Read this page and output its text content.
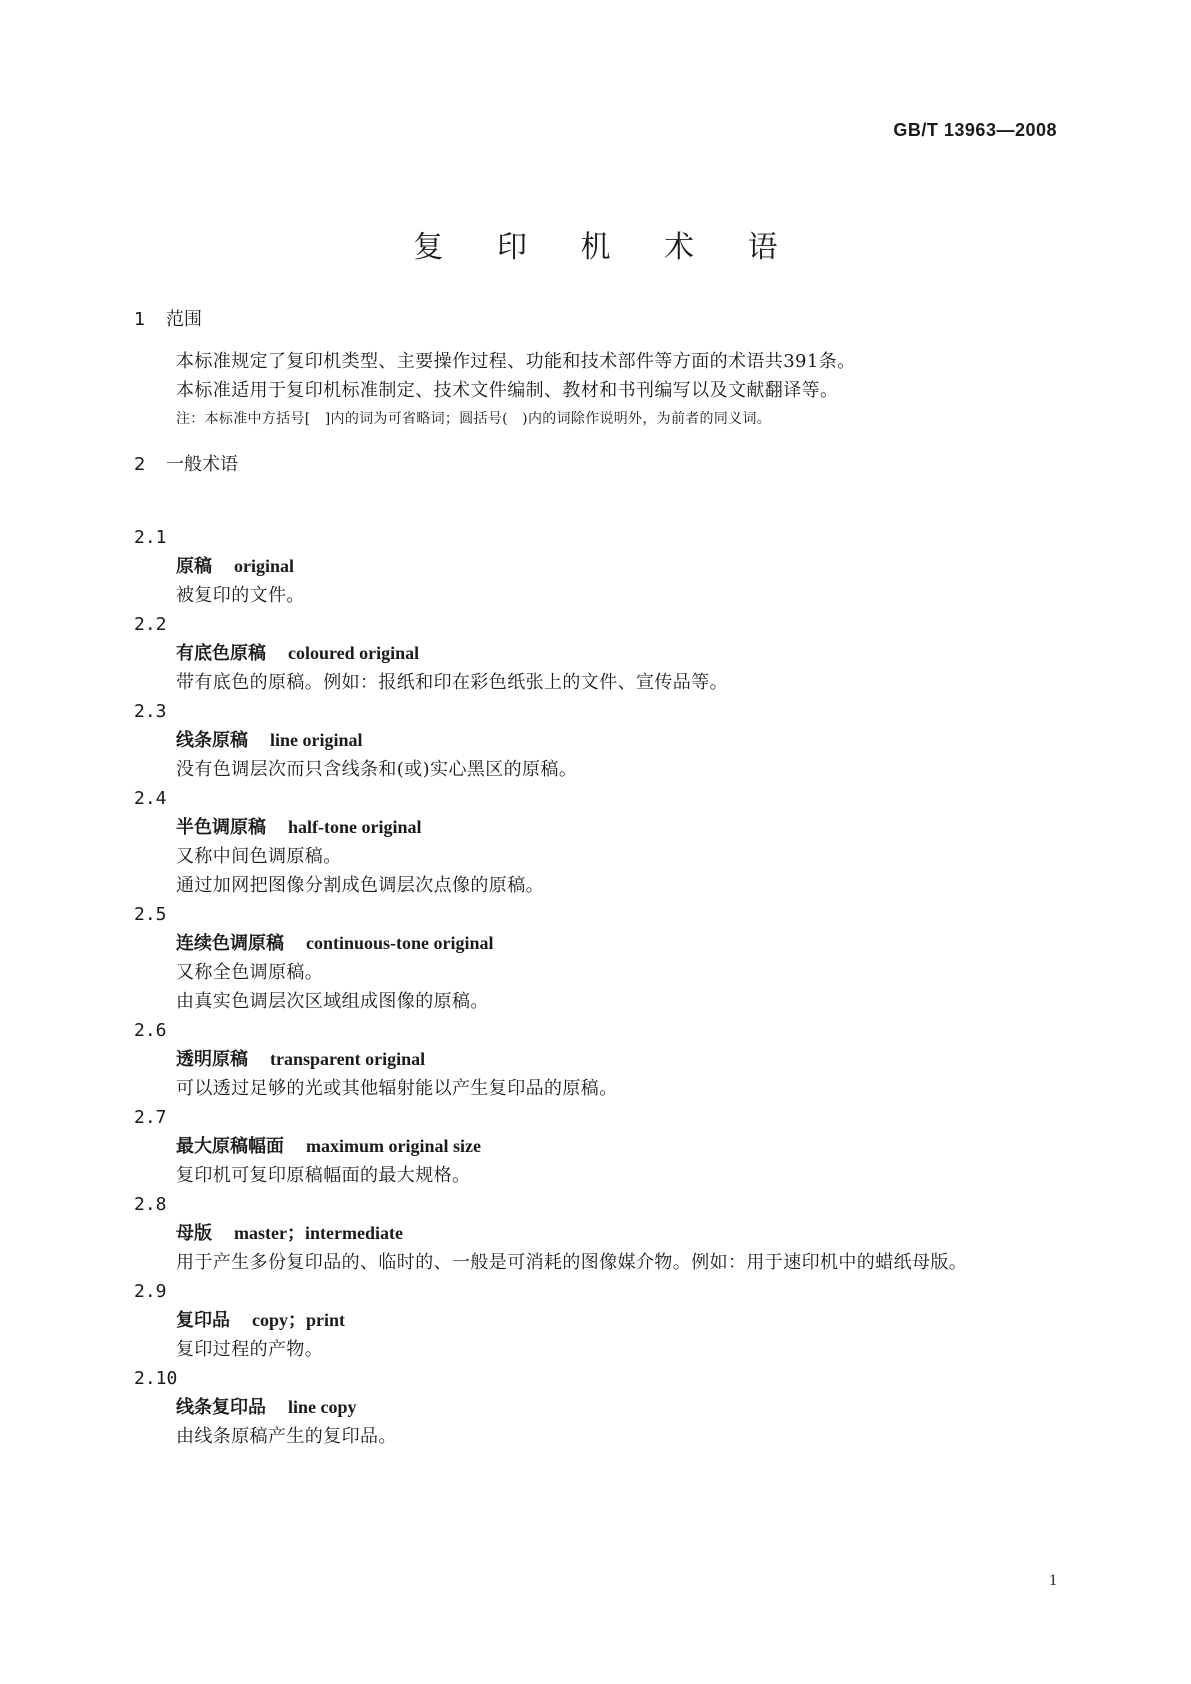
GB/T 13963—2008
复 印 机 术 语
1 范围
本标准规定了复印机类型、主要操作过程、功能和技术部件等方面的术语共391条。
本标准适用于复印机标准制定、技术文件编制、教材和书刊编写以及文献翻译等。
注：本标准中方括号[　]内的词为可省略词；圆括号(　)内的词除作说明外，为前者的同义词。
2 一般术语
2.1
原稿 original
被复印的文件。
2.2
有底色原稿 coloured original
带有底色的原稿。例如：报纸和印在彩色纸张上的文件、宣传品等。
2.3
线条原稿 line original
没有色调层次而只含线条和(或)实心黑区的原稿。
2.4
半色调原稿 half-tone original
又称中间色调原稿。
通过加网把图像分割成色调层次点像的原稿。
2.5
连续色调原稿 continuous-tone original
又称全色调原稿。
由真实色调层次区域组成图像的原稿。
2.6
透明原稿 transparent original
可以透过足够的光或其他辐射能以产生复印品的原稿。
2.7
最大原稿幅面 maximum original size
复印机可复印原稿幅面的最大规格。
2.8
母版 master；intermediate
用于产生多份复印品的、临时的、一般是可消耗的图像媒介物。例如：用于速印机中的蜡纸母版。
2.9
复印品 copy；print
复印过程的产物。
2.10
线条复印品 line copy
由线条原稿产生的复印品。
1
